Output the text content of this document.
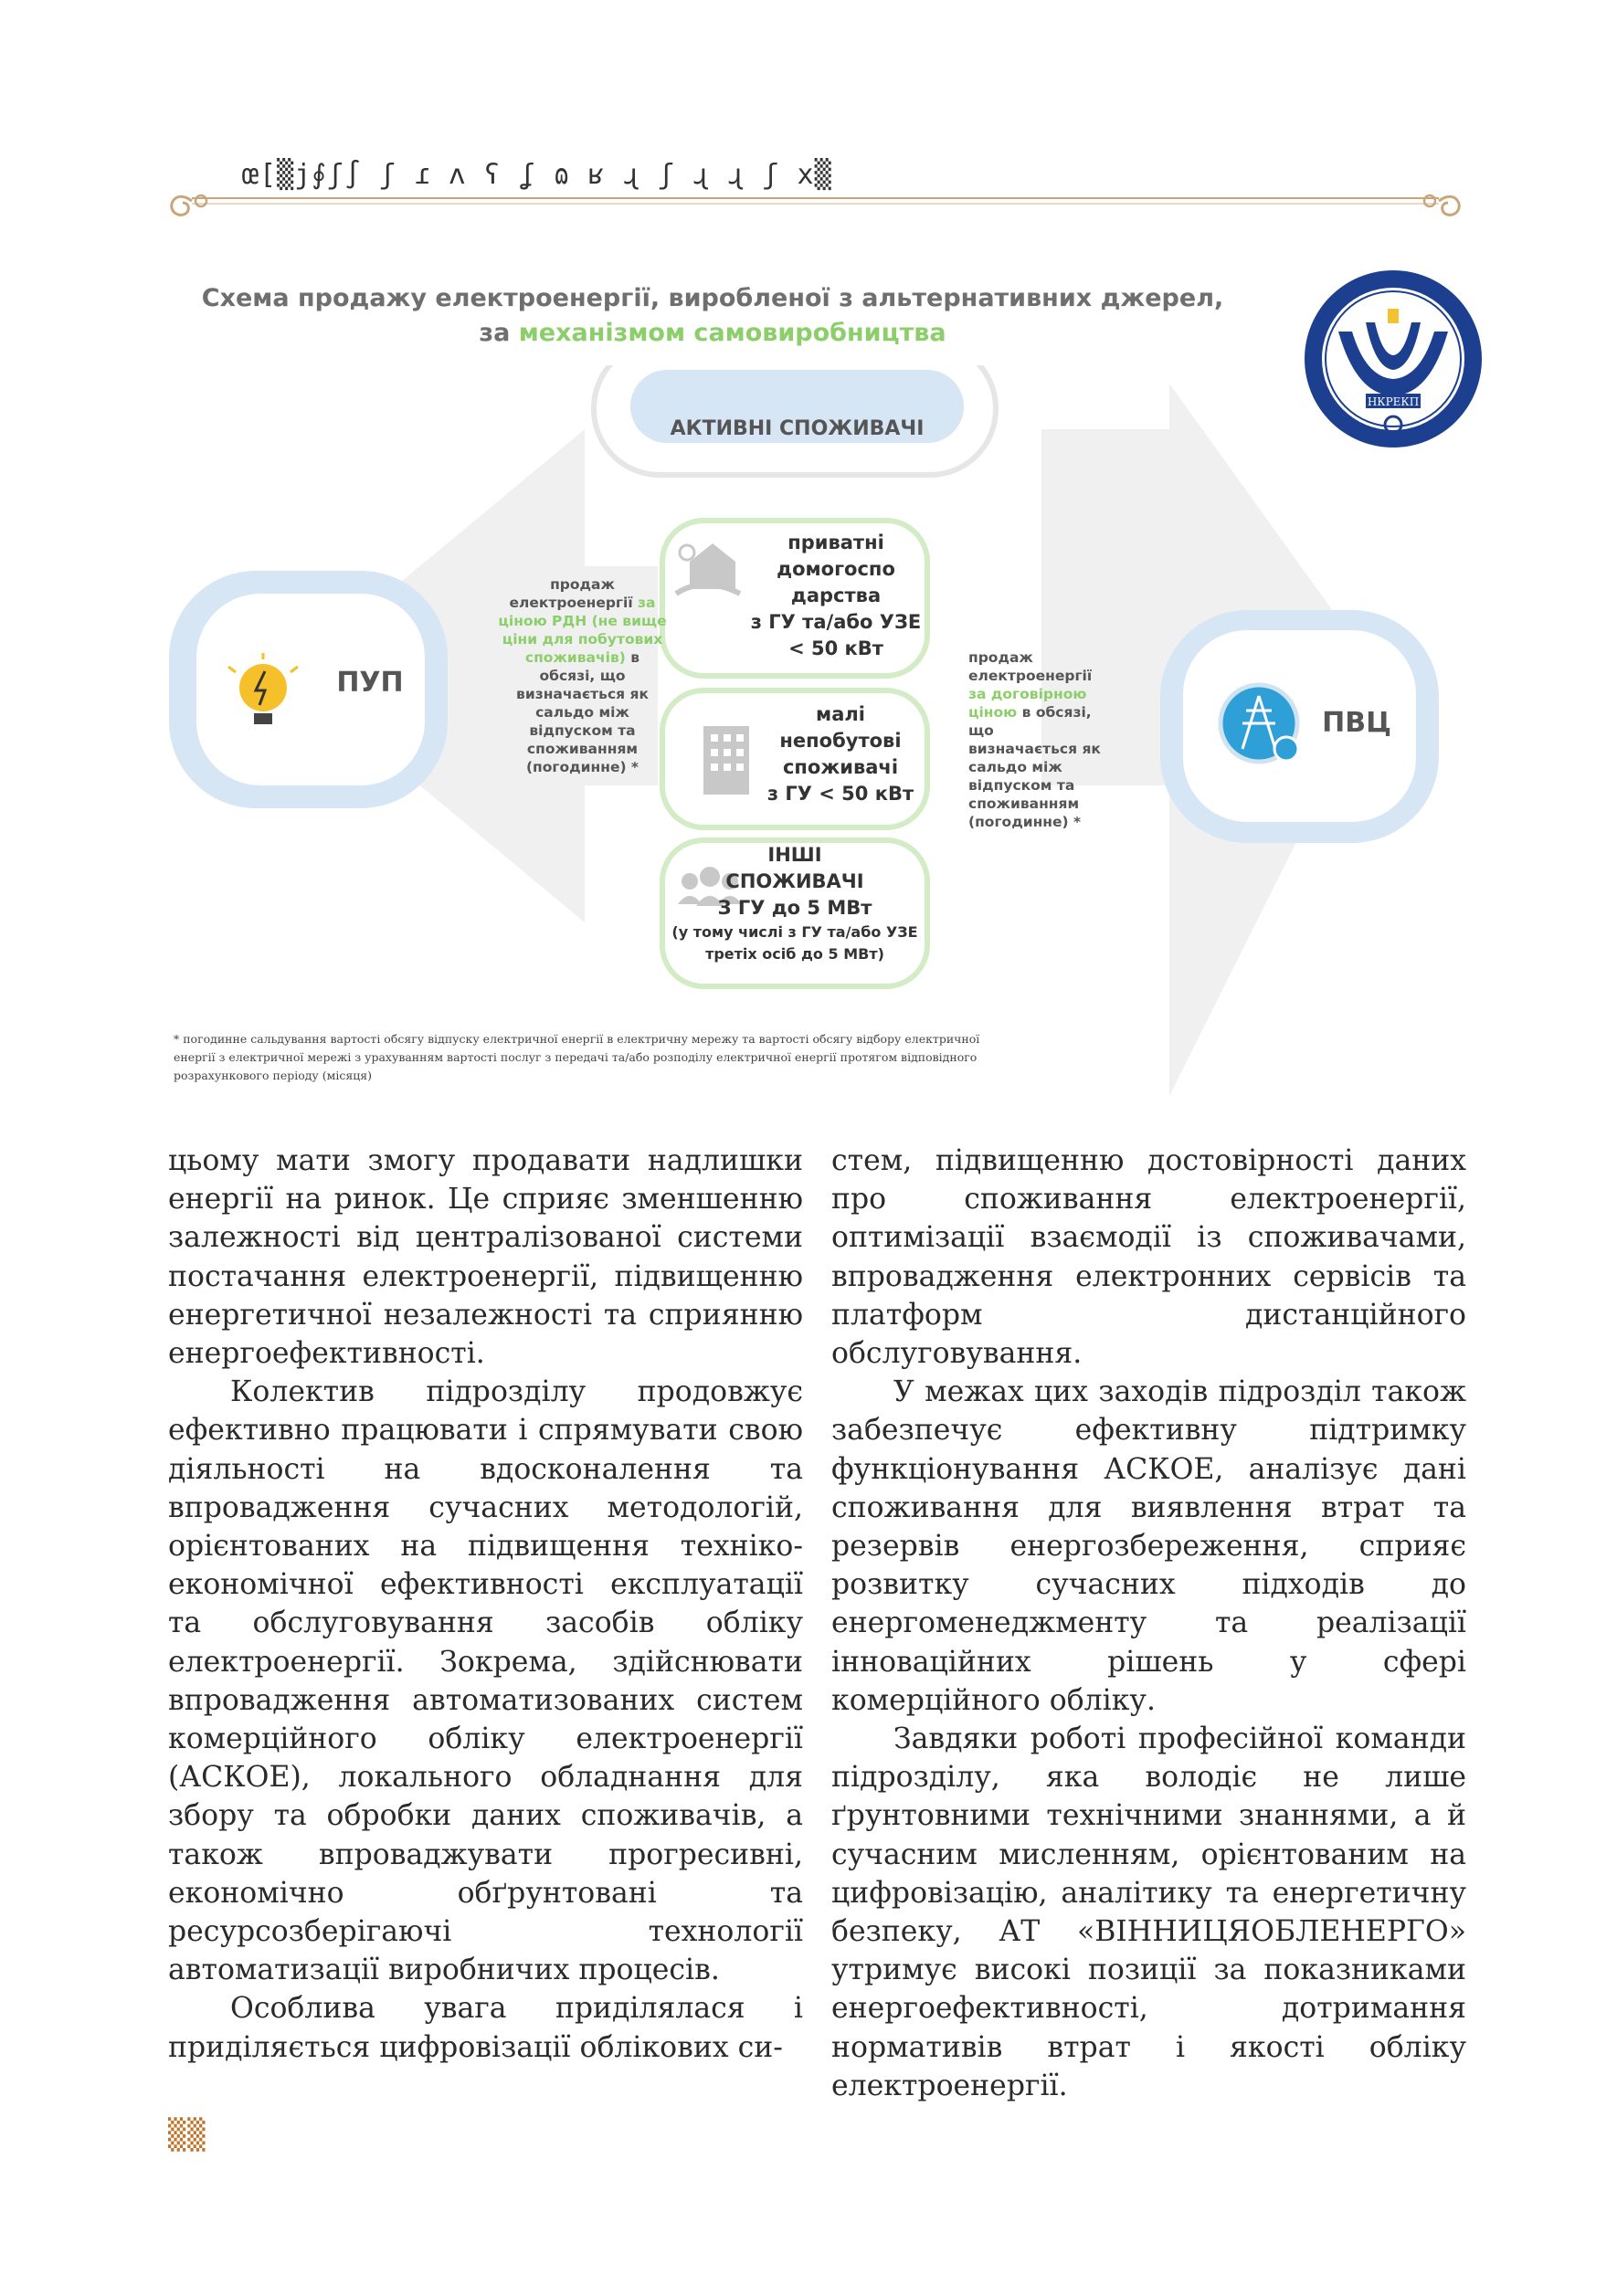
œ[▒j∮ʃ∫ ʃ ɾ ʌ ʕ ʆ ɷ ʁ ɻ ʃ ɻ ɻ ʃ x▒
Схема продажу електроенергії, виробленої з альтернативних джерел,
за механізмом самовиробництва
НКРЕКП
АКТИВНІ СПОЖИВАЧІ
ПУП
ПВЦ
приватні
домогоспо
дарства
з ГУ та/або УЗЕ
< 50 кВт
малі
непобутові
споживачі
з ГУ < 50 кВт
ІНШІ
СПОЖИВАЧІ
З ГУ до 5 МВт
(у тому числі з ГУ та/або УЗЕ
третіх осіб до 5 МВт)
продаж електроенергії за ціною РДН (не вище ціни для побутових споживачів) в обсязі, що визначається як сальдо між відпуском та споживанням (погодинне) *
продаж електроенергії за договірною ціною в обсязі, що визначається як сальдо між відпуском та споживанням (погодинне) *
* погодинне сальдування вартості обсягу відпуску електричної енергії в електричну мережу та вартості обсягу відбору електричної енергії з електричної мережі з урахуванням вартості послуг з передачі та/або розподілу електричної енергії протягом відповідного розрахункового періоду (місяця)

цьому мати змогу продавати надлишки енергії на ринок. Це сприяє зменшенню залежності від централізованої системи постачання електроенергії, підвищенню енергетичної незалежності та сприянню енергоефективності.

Колектив підрозділу продовжує ефективно працювати і спрямувати свою діяльності на вдосконалення та впровадження сучасних методологій, орієнтованих на підвищення техніко-економічної ефективності експлуатації та обслуговування засобів обліку електроенергії. Зокрема, здійснювати впровадження автоматизованих систем комерційного обліку електроенергії (АСКОЕ), локального обладнання для збору та обробки даних споживачів, а також впроваджувати прогресивні, економічно обґрунтовані та ресурсозберігаючі технології автоматизації виробничих процесів.

Особлива увага приділялася і приділяється цифровізації облікових си-

стем, підвищенню достовірності даних про споживання електроенергії, оптимізації взаємодії із споживачами, впровадження електронних сервісів та платформ дистанційного обслуговування.

У межах цих заходів підрозділ також забезпечує ефективну підтримку функціонування АСКОЕ, аналізує дані споживання для виявлення втрат та резервів енергозбереження, сприяє розвитку сучасних підходів до енергоменеджменту та реалізації інноваційних рішень у сфері комерційного обліку.

Завдяки роботі професійної команди підрозділу, яка володіє не лише ґрунтовними технічними знаннями, а й сучасним мисленням, орієнтованим на цифровізацію, аналітику та енергетичну безпеку, АТ «ВІННИЦЯОБЛЕНЕРГО» утримує високі позиції за показниками енергоефективності, дотримання нормативів втрат і якості обліку електроенергії.

▒▒
